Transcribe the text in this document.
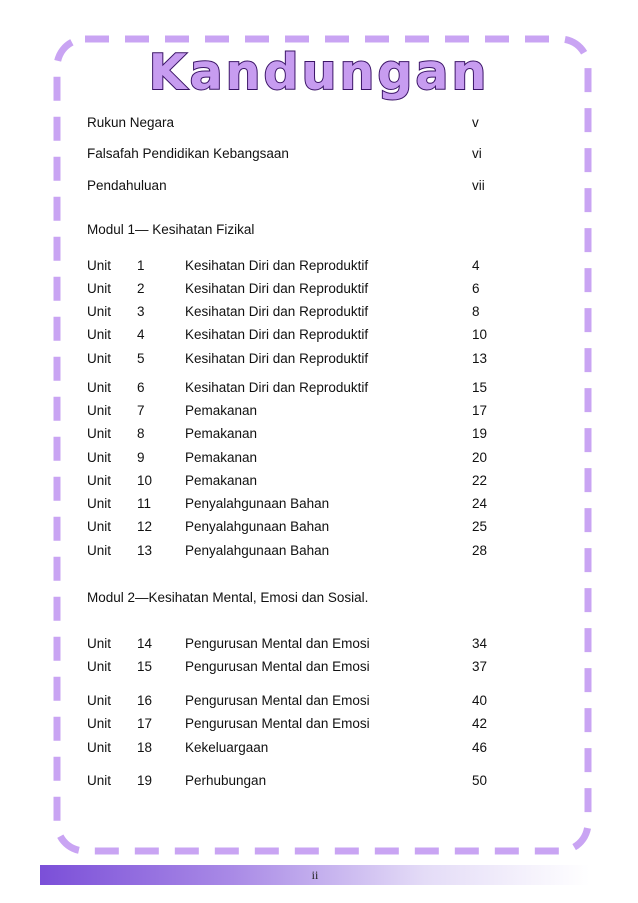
Kandungan
Rukun Negara	v
Falsafah Pendidikan Kebangsaan	vi
Pendahuluan	vii
Modul 1— Kesihatan Fizikal
Unit 1	Kesihatan Diri dan Reproduktif	4
Unit 2	Kesihatan Diri dan Reproduktif	6
Unit 3	Kesihatan Diri dan Reproduktif	8
Unit 4	Kesihatan Diri dan Reproduktif	10
Unit 5	Kesihatan Diri dan Reproduktif	13
Unit 6	Kesihatan Diri dan Reproduktif	15
Unit 7	Pemakanan	17
Unit 8	Pemakanan	19
Unit 9	Pemakanan	20
Unit 10 Pemakanan	22
Unit 11	Penyalahgunaan Bahan	24
Unit 12 Penyalahgunaan Bahan	25
Unit 13 Penyalahgunaan Bahan	28
Modul 2—Kesihatan Mental, Emosi dan Sosial.
Unit 14 Pengurusan Mental dan Emosi	34
Unit 15 Pengurusan Mental dan Emosi	37
Unit 16 Pengurusan Mental dan Emosi	40
Unit 17 Pengurusan Mental dan Emosi	42
Unit 18 Kekeluargaan	46
Unit 19 Perhubungan	50
ii
